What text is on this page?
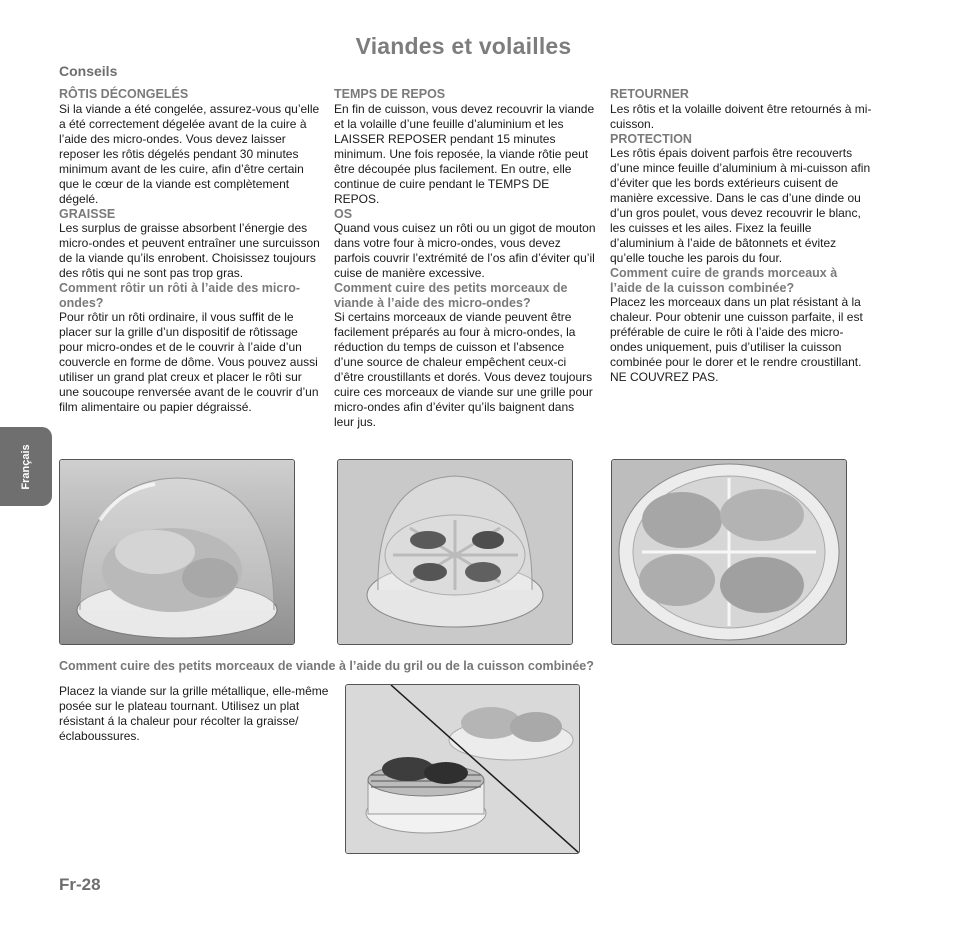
Viandes et volailles
Français
Conseils
RÔTIS DÉCONGELÉS

Si la viande a été congelée, assurez-vous qu’elle a été correctement dégelée avant de la cuire à l’aide des micro-ondes. Vous devez laisser reposer les rôtis dégelés pendant 30 minutes minimum avant de les cuire, afin d’être certain que le cœur de la viande est complètement dégelé.

GRAISSE

Les surplus de graisse absorbent l’énergie des micro-ondes et peuvent entraîner une surcuisson de la viande qu’ils enrobent. Choisissez toujours des rôtis qui ne sont pas trop gras.

Comment rôtir un rôti à l’aide des micro-ondes?

Pour rôtir un rôti ordinaire, il vous suffit de le placer sur la grille d’un dispositif de rôtissage pour micro-ondes et de le couvrir à l’aide d’un couvercle en forme de dôme. Vous pouvez aussi utiliser un grand plat creux et placer le rôti sur une soucoupe renversée avant de le couvrir d’un film alimentaire ou papier dégraissé.

TEMPS DE REPOS

En fin de cuisson, vous devez recouvrir la viande et la volaille d’une feuille d’aluminium et les LAISSER REPOSER pendant 15 minutes minimum. Une fois reposée, la viande rôtie peut être découpée plus facilement. En outre, elle continue de cuire pendant le TEMPS DE REPOS.

OS

Quand vous cuisez un rôti ou un gigot de mouton dans votre four à micro-ondes, vous devez parfois couvrir l’extrémité de l’os afin d’éviter qu’il cuise de manière excessive.

Comment cuire des petits morceaux de viande à l’aide des micro-ondes?

Si certains morceaux de viande peuvent être facilement préparés au four à micro-ondes, la réduction du temps de cuisson et l’absence d’une source de chaleur empêchent ceux-ci d’être croustillants et dorés. Vous devez toujours cuire ces morceaux de viande sur une grille pour micro-ondes afin d’éviter qu’ils baignent dans leur jus.

RETOURNER

Les rôtis et la volaille doivent être retournés à mi-cuisson.

PROTECTION

Les rôtis épais doivent parfois être recouverts d’une mince feuille d’aluminium à mi-cuisson afin d’éviter que les bords extérieurs cuisent de manière excessive. Dans le cas d’une dinde ou d’un gros poulet, vous devez recouvrir le blanc, les cuisses et les ailes. Fixez la feuille d’aluminium à l’aide de bâtonnets et évitez qu’elle touche les parois du four.

Comment cuire de grands morceaux à l’aide de la cuisson combinée?

Placez les morceaux dans un plat résistant à la chaleur. Pour obtenir une cuisson parfaite, il est préférable de cuire le rôti à l’aide des micro-ondes uniquement, puis d’utiliser la cuisson combinée pour le dorer et le rendre croustillant. NE COUVREZ PAS.

Comment cuire des petits morceaux de viande à l’aide du gril ou de la cuisson combinée?
Placez la viande sur la grille métallique, elle-même posée sur le plateau tournant. Utilisez un plat résistant á la chaleur pour récolter la graisse/éclaboussures.
Fr-28
